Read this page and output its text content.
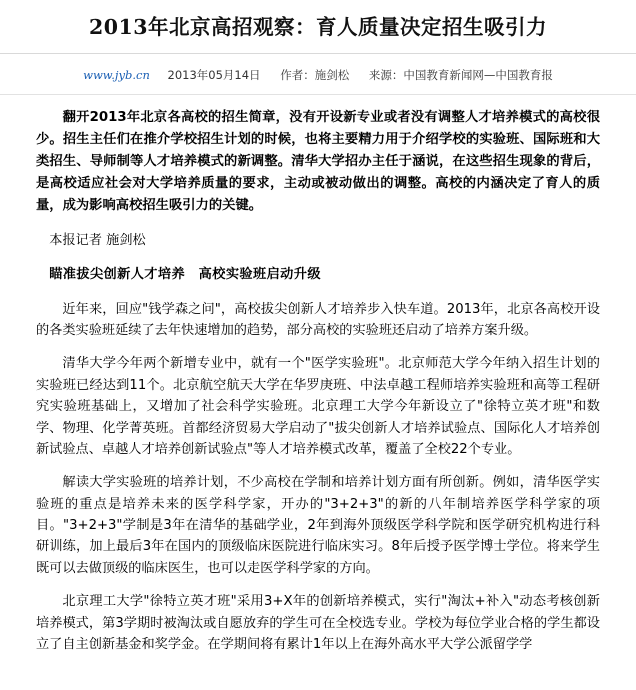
2013年北京高招观察：育人质量决定招生吸引力
www.jyb.cn 2013年05月14日 作者：施剑松 来源：中国教育新闻网—中国教育报

翻开2013年北京各高校的招生简章，没有开设新专业或者没有调整人才培养模式的高校很少。招生主任们在推介学校招生计划的时候，也将主要精力用于介绍学校的实验班、国际班和大类招生、导师制等人才培养模式的新调整。清华大学招办主任于涵说，在这些招生现象的背后，是高校适应社会对大学培养质量的要求，主动或被动做出的调整。高校的内涵决定了育人的质量，成为影响高校招生吸引力的关键。

本报记者 施剑松

瞄准拔尖创新人才培养　高校实验班启动升级

近年来，回应"钱学森之问"，高校拔尖创新人才培养步入快车道。2013年，北京各高校开设的各类实验班延续了去年快速增加的趋势，部分高校的实验班还启动了培养方案升级。

清华大学今年两个新增专业中，就有一个"医学实验班"。北京师范大学今年纳入招生计划的实验班已经达到11个。北京航空航天大学在华罗庚班、中法卓越工程师培养实验班和高等工程研究实验班基础上，又增加了社会科学实验班。北京理工大学今年新设立了"徐特立英才班"和数学、物理、化学菁英班。首都经济贸易大学启动了"拔尖创新人才培养试验点、国际化人才培养创新试验点、卓越人才培养创新试验点"等人才培养模式改革，覆盖了全校22个专业。

解读大学实验班的培养计划，不少高校在学制和培养计划方面有所创新。例如，清华医学实验班的重点是培养未来的医学科学家，开办的"3+2+3"的新的八年制培养医学科学家的项目。"3+2+3"学制是3年在清华的基础学业，2年到海外顶级医学科学院和医学研究机构进行科研训练，加上最后3年在国内的顶级临床医院进行临床实习。8年后授予医学博士学位。将来学生既可以去做顶级的临床医生，也可以走医学科学家的方向。

北京理工大学"徐特立英才班"采用3+X年的创新培养模式，实行"淘汰+补入"动态考核创新培养模式，第3学期时被淘汰或自愿放弃的学生可在全校选专业。学校为每位学业合格的学生都设立了自主创新基金和奖学金。在学期间将有累计1年以上在海外高水平大学公派留学学
